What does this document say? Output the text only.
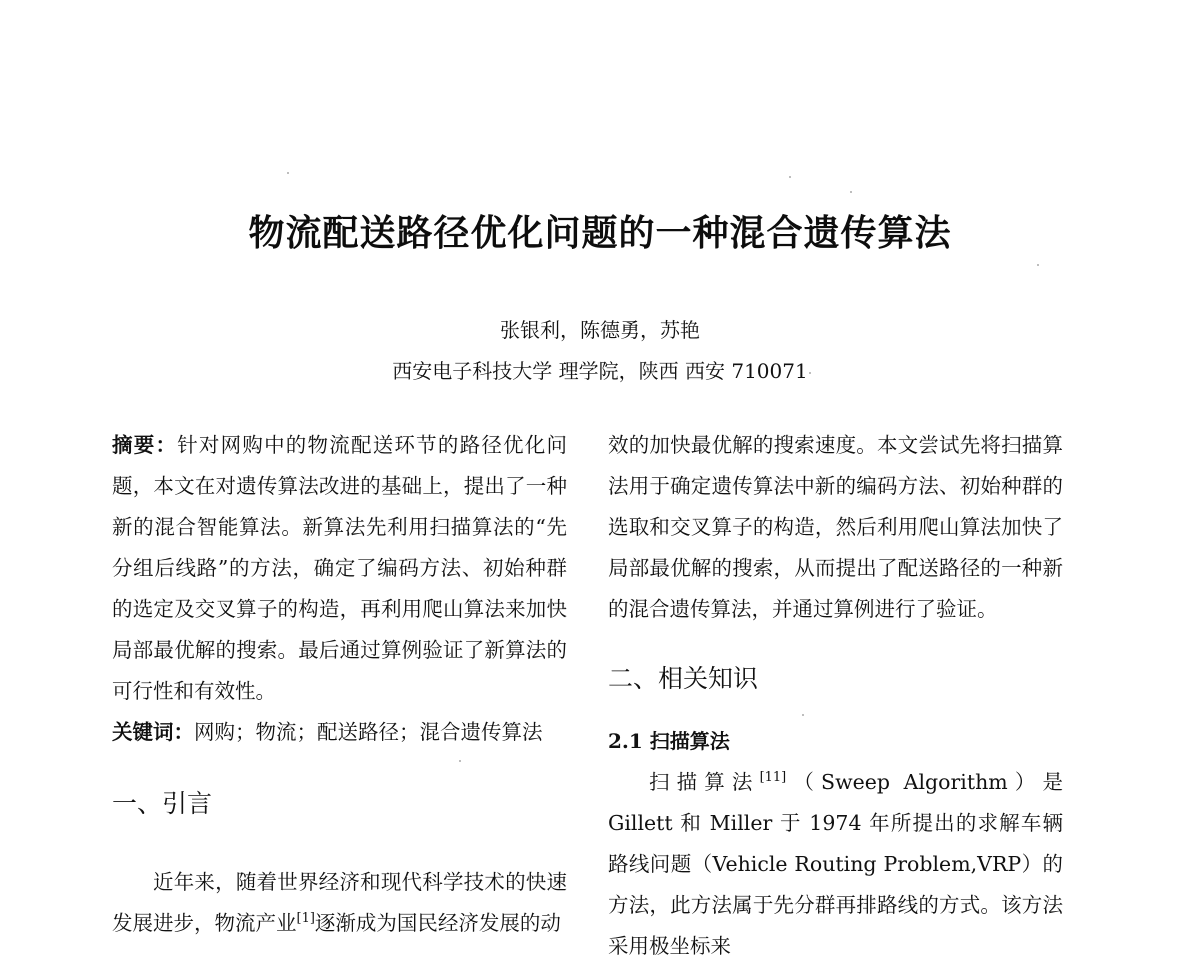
物流配送路径优化问题的一种混合遗传算法
张银利，陈德勇，苏艳
西安电子科技大学 理学院，陕西 西安 710071

摘要：针对网购中的物流配送环节的路径优化问题，本文在对遗传算法改进的基础上，提出了一种新的混合智能算法。新算法先利用扫描算法的“先分组后线路”的方法，确定了编码方法、初始种群的选定及交叉算子的构造，再利用爬山算法来加快局部最优解的搜索。最后通过算例验证了新算法的可行性和有效性。

关键词：网购；物流；配送路径；混合遗传算法

一、引言

近年来，随着世界经济和现代科学技术的快速发展进步，物流产业[1]逐渐成为国民经济发展的动

效的加快最优解的搜索速度。本文尝试先将扫描算法用于确定遗传算法中新的编码方法、初始种群的选取和交叉算子的构造，然后利用爬山算法加快了局部最优解的搜索，从而提出了配送路径的一种新的混合遗传算法，并通过算例进行了验证。

二、相关知识
2.1 扫描算法

扫描算法[11]（Sweep Algorithm）是 Gillett 和 Miller 于 1974 年所提出的求解车辆路线问题（Vehicle Routing Problem,VRP）的方法，此方法属于先分群再排路线的方式。该方法采用极坐标来
